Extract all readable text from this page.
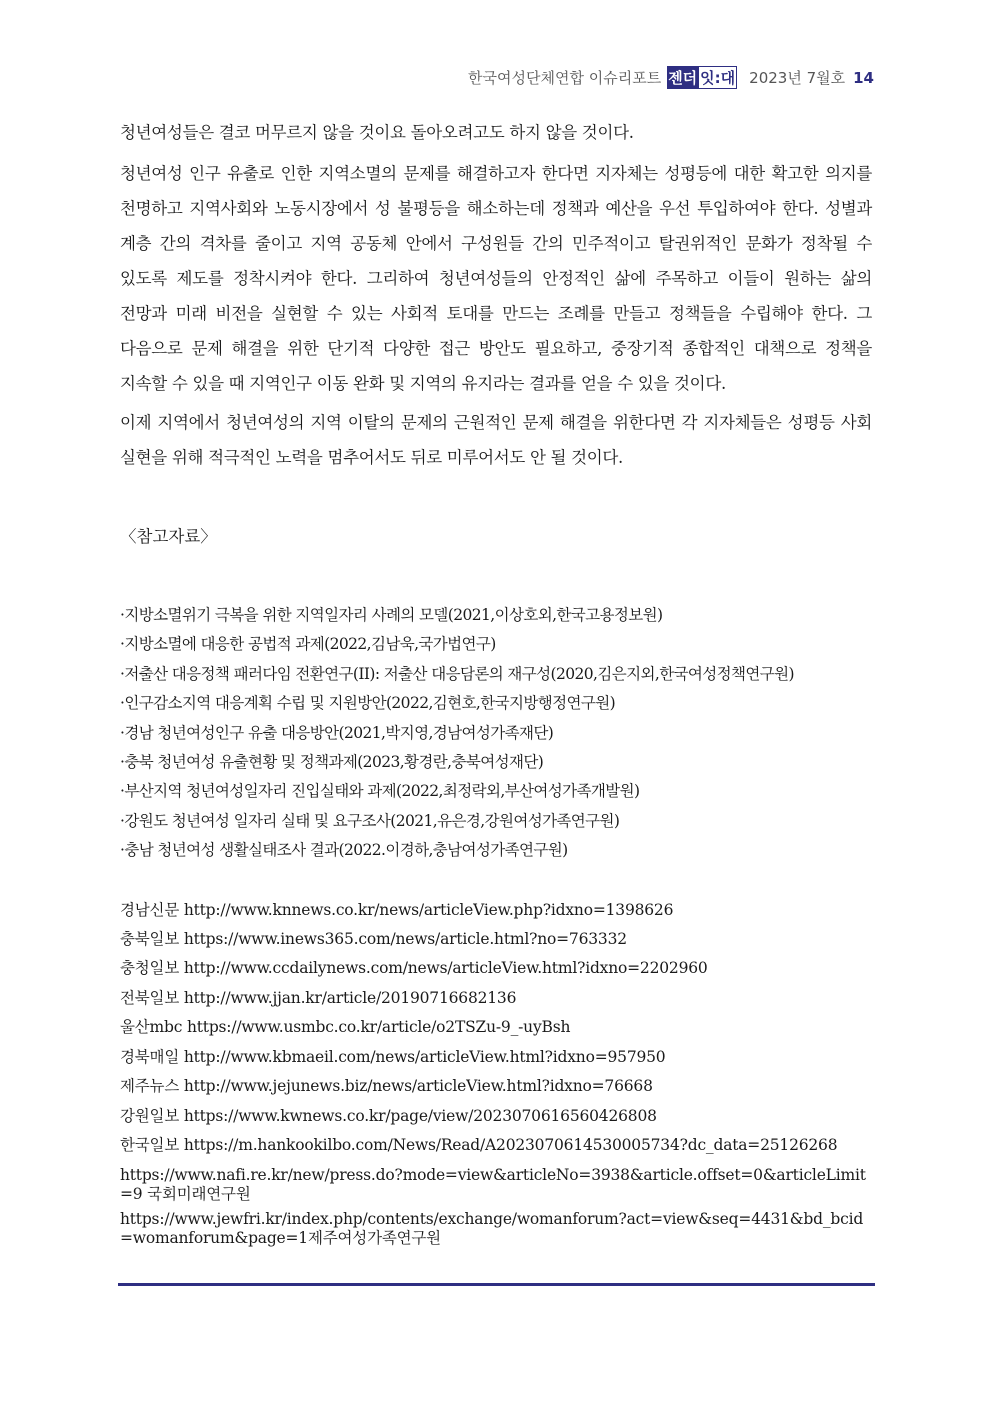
한국여성단체연합 이슈리포트 젠더 잇:대 2023년 7월호 14

청년여성들은 결코 머무르지 않을 것이요 돌아오려고도 하지 않을 것이다.

청년여성 인구 유출로 인한 지역소멸의 문제를 해결하고자 한다면 지자체는 성평등에 대한 확고한 의지를 천명하고 지역사회와 노동시장에서 성 불평등을 해소하는데 정책과 예산을 우선 투입하여야 한다. 성별과 계층 간의 격차를 줄이고 지역 공동체 안에서 구성원들 간의 민주적이고 탈권위적인 문화가 정착될 수 있도록 제도를 정착시켜야 한다. 그리하여 청년여성들의 안정적인 삶에 주목하고 이들이 원하는 삶의 전망과 미래 비전을 실현할 수 있는 사회적 토대를 만드는 조례를 만들고 정책들을 수립해야 한다. 그 다음으로 문제 해결을 위한 단기적 다양한 접근 방안도 필요하고, 중장기적 종합적인 대책으로 정책을 지속할 수 있을 때 지역인구 이동 완화 및 지역의 유지라는 결과를 얻을 수 있을 것이다.

이제 지역에서 청년여성의 지역 이탈의 문제의 근원적인 문제 해결을 위한다면 각 지자체들은 성평등 사회 실현을 위해 적극적인 노력을 멈추어서도 뒤로 미루어서도 안 될 것이다.

〈참고자료〉
·지방소멸위기 극복을 위한 지역일자리 사례의 모델(2021,이상호외,한국고용정보원)
·지방소멸에 대응한 공법적 과제(2022,김남욱,국가법연구)
·저출산 대응정책 패러다임 전환연구(II): 저출산 대응담론의 재구성(2020,김은지외,한국여성정책연구원)
·인구감소지역 대응계획 수립 및 지원방안(2022,김현호,한국지방행정연구원)
·경남 청년여성인구 유출 대응방안(2021,박지영,경남여성가족재단)
·충북 청년여성 유출현황 및 정책과제(2023,황경란,충북여성재단)
·부산지역 청년여성일자리 진입실태와 과제(2022,최정락외,부산여성가족개발원)
·강원도 청년여성 일자리 실태 및 요구조사(2021,유은경,강원여성가족연구원)
·충남 청년여성 생활실태조사 결과(2022.이경하,충남여성가족연구원)
경남신문 http://www.knnews.co.kr/news/articleView.php?idxno=1398626
충북일보 https://www.inews365.com/news/article.html?no=763332
충청일보 http://www.ccdailynews.com/news/articleView.html?idxno=2202960
전북일보 http://www.jjan.kr/article/20190716682136
울산mbc https://www.usmbc.co.kr/article/o2TSZu-9_-uyBsh
경북매일 http://www.kbmaeil.com/news/articleView.html?idxno=957950
제주뉴스 http://www.jejunews.biz/news/articleView.html?idxno=76668
강원일보 https://www.kwnews.co.kr/page/view/2023070616560426808
한국일보 https://m.hankookilbo.com/News/Read/A2023070614530005734?dc_data=25126268
https://www.nafi.re.kr/new/press.do?mode=view&articleNo=3938&article.offset=0&articleLimit=9 국회미래연구원
https://www.jewfri.kr/index.php/contents/exchange/womanforum?act=view&seq=4431&bd_bcid=womanforum&page=1제주여성가족연구원
